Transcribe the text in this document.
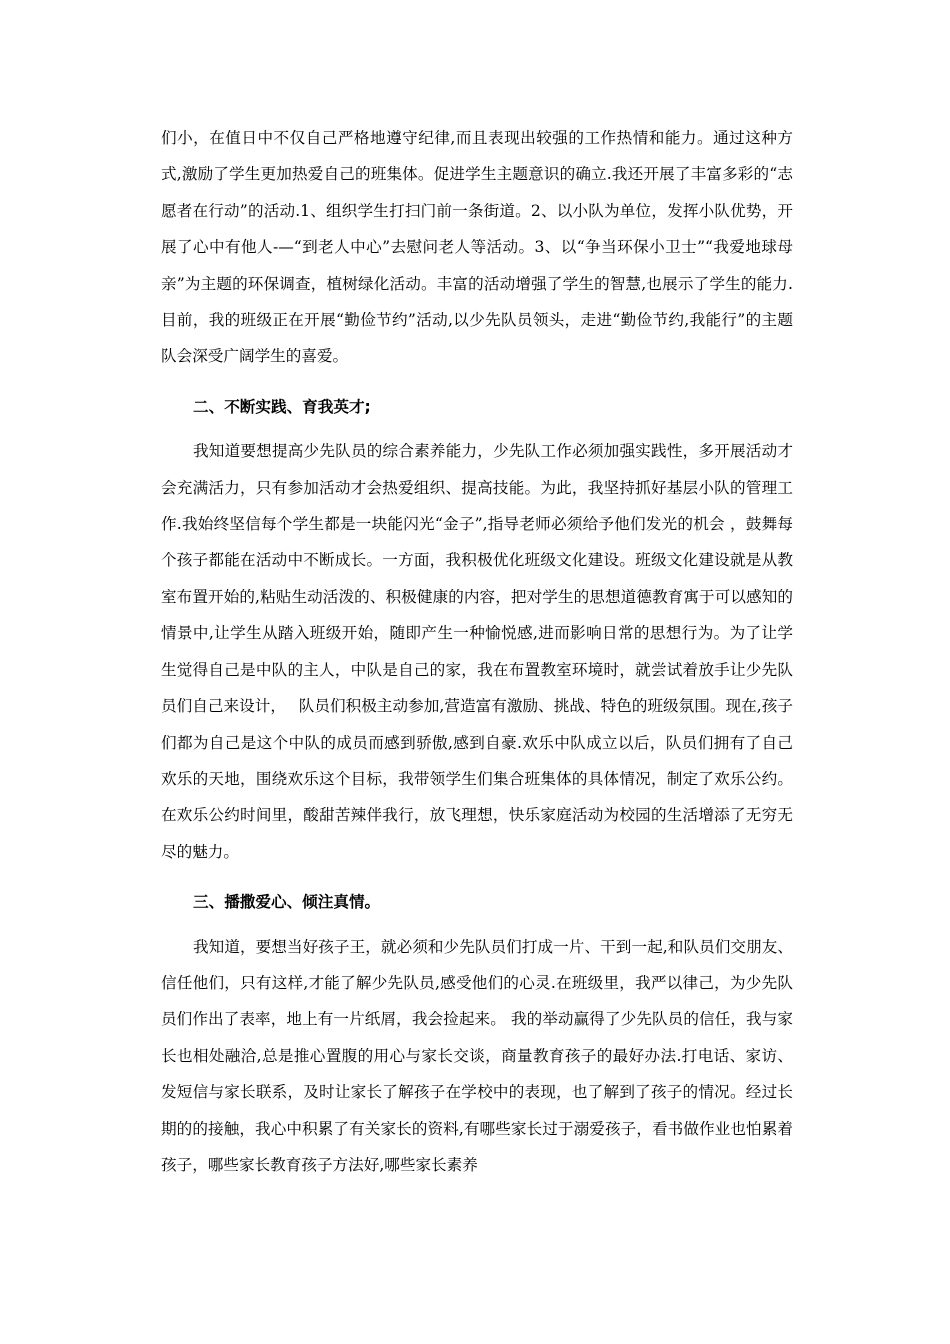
们小，在值日中不仅自己严格地遵守纪律,而且表现出较强的工作热情和能力。通过这种方式,激励了学生更加热爱自己的班集体。促进学生主题意识的确立.我还开展了丰富多彩的“志愿者在行动”的活动.1、组织学生打扫门前一条街道。2、以小队为单位，发挥小队优势，开展了心中有他人-—“到老人中心”去慰问老人等活动。3、以“争当环保小卫士”“我爱地球母亲”为主题的环保调查，植树绿化活动。丰富的活动增强了学生的智慧,也展示了学生的能力.目前，我的班级正在开展“勤俭节约”活动,以少先队员领头，走进“勤俭节约,我能行”的主题队会深受广阔学生的喜爱。

二、不断实践、育我英才;

我知道要想提高少先队员的综合素养能力，少先队工作必须加强实践性，多开展活动才会充满活力，只有参加活动才会热爱组织、提高技能。为此，我坚持抓好基层小队的管理工作.我始终坚信每个学生都是一块能闪光“金子”,指导老师必须给予他们发光的机会 ，鼓舞每个孩子都能在活动中不断成长。一方面，我积极优化班级文化建设。班级文化建设就是从教室布置开始的,粘贴生动活泼的、积极健康的内容，把对学生的思想道德教育寓于可以感知的情景中,让学生从踏入班级开始，随即产生一种愉悦感,进而影响日常的思想行为。为了让学生觉得自己是中队的主人，中队是自己的家，我在布置教室环境时，就尝试着放手让少先队员们自己来设计，　 队员们积极主动参加,营造富有激励、挑战、特色的班级氛围。现在,孩子们都为自己是这个中队的成员而感到骄傲,感到自豪.欢乐中队成立以后，队员们拥有了自己欢乐的天地，围绕欢乐这个目标，我带领学生们集合班集体的具体情况，制定了欢乐公约。在欢乐公约时间里，酸甜苦辣伴我行，放飞理想，快乐家庭活动为校园的生活增添了无穷无尽的魅力。

三、播撒爱心、倾注真情。

我知道，要想当好孩子王，就必须和少先队员们打成一片、干到一起,和队员们交朋友、信任他们，只有这样,才能了解少先队员,感受他们的心灵.在班级里，我严以律己，为少先队员们作出了表率，地上有一片纸屑，我会捡起来。 我的举动赢得了少先队员的信任，我与家长也相处融洽,总是推心置腹的用心与家长交谈，商量教育孩子的最好办法.打电话、家访、发短信与家长联系，及时让家长了解孩子在学校中的表现，也了解到了孩子的情况。经过长期的的接触，我心中积累了有关家长的资料,有哪些家长过于溺爱孩子，看书做作业也怕累着孩子，哪些家长教育孩子方法好,哪些家长素养
